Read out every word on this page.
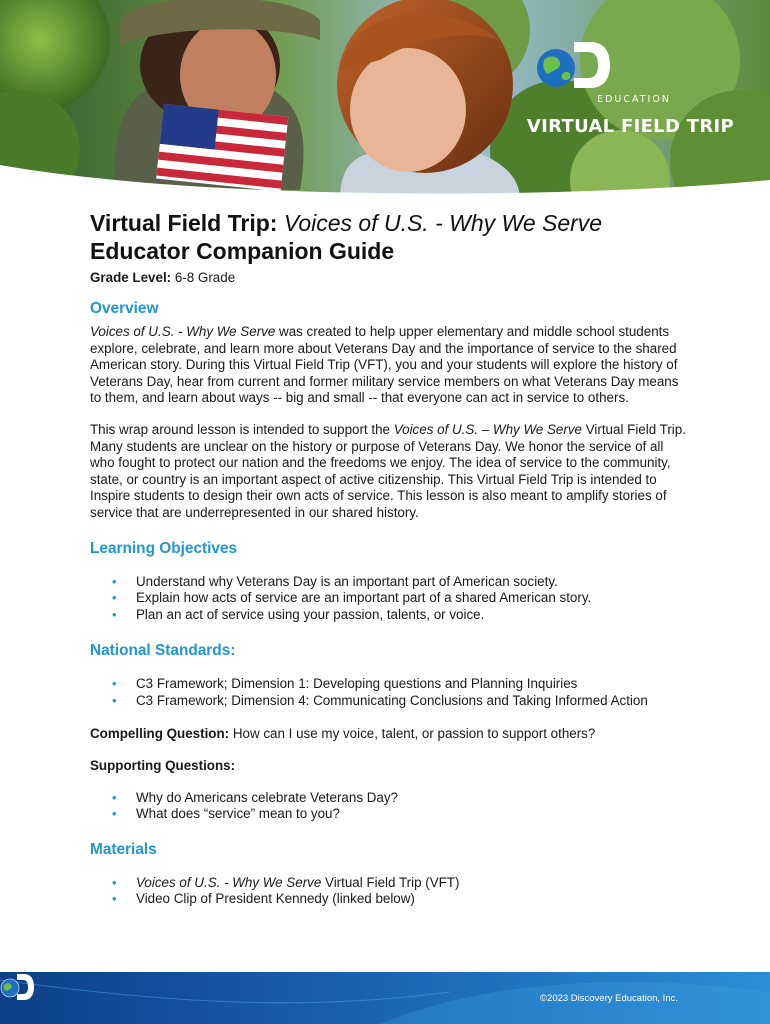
EDUCATION
VIRTUAL FIELD TRIP
Virtual Field Trip: Voices of U.S. - Why We Serve
Educator Companion Guide
Grade Level: 6-8 Grade
Overview

Voices of U.S. - Why We Serve was created to help upper elementary and middle school students explore, celebrate, and learn more about Veterans Day and the importance of service to the shared American story. During this Virtual Field Trip (VFT), you and your students will explore the history of Veterans Day, hear from current and former military service members on what Veterans Day means to them, and learn about ways -- big and small -- that everyone can act in service to others.

This wrap around lesson is intended to support the Voices of U.S. – Why We Serve Virtual Field Trip. Many students are unclear on the history or purpose of Veterans Day. We honor the service of all who fought to protect our nation and the freedoms we enjoy. The idea of service to the community, state, or country is an important aspect of active citizenship. This Virtual Field Trip is intended to Inspire students to design their own acts of service. This lesson is also meant to amplify stories of service that are underrepresented in our shared history.

Learning Objectives
• Understand why Veterans Day is an important part of American society.
• Explain how acts of service are an important part of a shared American story.
• Plan an act of service using your passion, talents, or voice.
National Standards:
• C3 Framework; Dimension 1: Developing questions and Planning Inquiries
• C3 Framework; Dimension 4: Communicating Conclusions and Taking Informed Action

Compelling Question: How can I use my voice, talent, or passion to support others?

Supporting Questions:

• Why do Americans celebrate Veterans Day?
• What does “service” mean to you?
Materials
• Voices of U.S. - Why We Serve Virtual Field Trip (VFT)
• Video Clip of President Kennedy (linked below)
©2023 Discovery Education, Inc.
